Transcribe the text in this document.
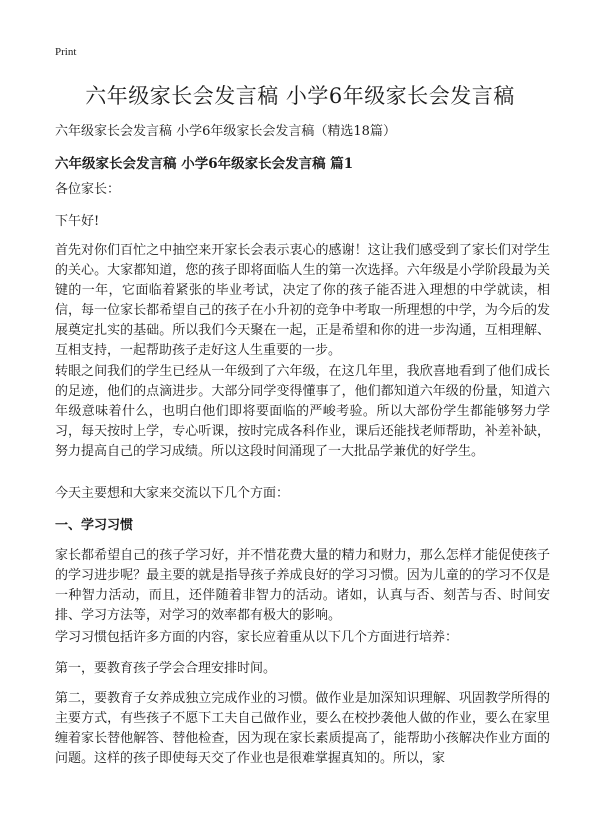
Print
六年级家长会发言稿 小学6年级家长会发言稿
六年级家长会发言稿 小学6年级家长会发言稿（精选18篇）
六年级家长会发言稿 小学6年级家长会发言稿 篇1
各位家长：
下午好!
首先对你们百忙之中抽空来开家长会表示衷心的感谢！这让我们感受到了家长们对学生的关心。大家都知道，您的孩子即将面临人生的第一次选择。六年级是小学阶段最为关键的一年，它面临着紧张的毕业考试，决定了你的孩子能否进入理想的中学就读，相信，每一位家长都希望自己的孩子在小升初的竞争中考取一所理想的中学，为今后的发展奠定扎实的基础。所以我们今天聚在一起，正是希望和你的进一步沟通，互相理解、互相支持，一起帮助孩子走好这人生重要的一步。
转眼之间我们的学生已经从一年级到了六年级，在这几年里，我欣喜地看到了他们成长的足迹，他们的点滴进步。大部分同学变得懂事了，他们都知道六年级的份量，知道六年级意味着什么，也明白他们即将要面临的严峻考验。所以大部份学生都能够努力学习，每天按时上学，专心听课，按时完成各科作业，课后还能找老师帮助，补差补缺，努力提高自己的学习成绩。所以这段时间涌现了一大批品学兼优的好学生。
今天主要想和大家来交流以下几个方面：
一、学习习惯
家长都希望自己的孩子学习好，并不惜花费大量的精力和财力，那么怎样才能促使孩子的学习进步呢？最主要的就是指导孩子养成良好的学习习惯。因为儿童的的学习不仅是一种智力活动，而且，还伴随着非智力的活动。诸如，认真与否、刻苦与否、时间安排、学习方法等，对学习的效率都有极大的影响。
学习习惯包括许多方面的内容，家长应着重从以下几个方面进行培养：
第一，要教育孩子学会合理安排时间。
第二，要教育子女养成独立完成作业的习惯。做作业是加深知识理解、巩固教学所得的主要方式，有些孩子不愿下工夫自己做作业，要么在校抄袭他人做的作业，要么在家里缠着家长替他解答、替他检查，因为现在家长素质提高了，能帮助小孩解决作业方面的问题。这样的孩子即使每天交了作业也是很难掌握真知的。所以，家
